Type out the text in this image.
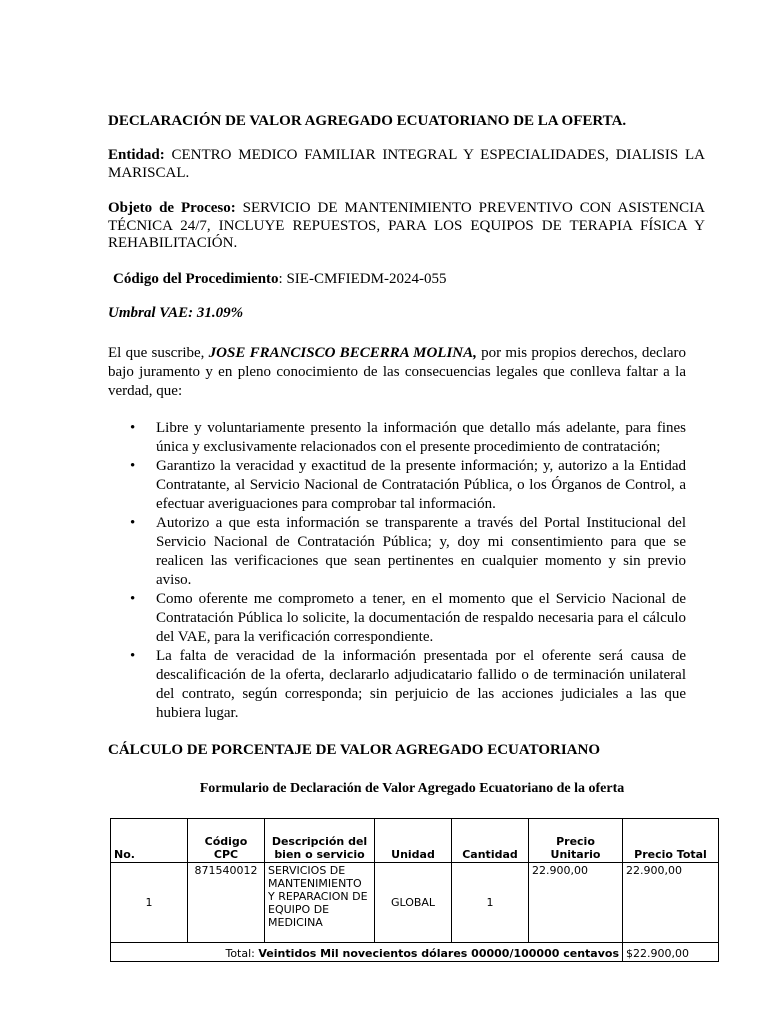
DECLARACIÓN DE VALOR AGREGADO ECUATORIANO DE LA OFERTA.
Entidad: CENTRO MEDICO FAMILIAR INTEGRAL Y ESPECIALIDADES, DIALISIS LA MARISCAL.
Objeto de Proceso: SERVICIO DE MANTENIMIENTO PREVENTIVO CON ASISTENCIA TÉCNICA 24/7, INCLUYE REPUESTOS, PARA LOS EQUIPOS DE TERAPIA FÍSICA Y REHABILITACIÓN.
Código del Procedimiento: SIE-CMFIEDM-2024-055
Umbral VAE: 31.09%
El que suscribe, JOSE FRANCISCO BECERRA MOLINA, por mis propios derechos, declaro bajo juramento y en pleno conocimiento de las consecuencias legales que conlleva faltar a la verdad, que:
• Libre y voluntariamente presento la información que detallo más adelante, para fines única y exclusivamente relacionados con el presente procedimiento de contratación;
• Garantizo la veracidad y exactitud de la presente información; y, autorizo a la Entidad Contratante, al Servicio Nacional de Contratación Pública, o los Órganos de Control, a efectuar averiguaciones para comprobar tal información.
• Autorizo a que esta información se transparente a través del Portal Institucional del Servicio Nacional de Contratación Pública; y, doy mi consentimiento para que se realicen las verificaciones que sean pertinentes en cualquier momento y sin previo aviso.
• Como oferente me comprometo a tener, en el momento que el Servicio Nacional de Contratación Pública lo solicite, la documentación de respaldo necesaria para el cálculo del VAE, para la verificación correspondiente.
• La falta de veracidad de la información presentada por el oferente será causa de descalificación de la oferta, declararlo adjudicatario fallido o de terminación unilateral del contrato, según corresponda; sin perjuicio de las acciones judiciales a las que hubiera lugar.
CÁLCULO DE PORCENTAJE DE VALOR AGREGADO ECUATORIANO
Formulario de Declaración de Valor Agregado Ecuatoriano de la oferta
No.	Código CPC	Descripción del bien o servicio	Unidad	Cantidad	Precio Unitario	Precio Total
1	871540012	SERVICIOS DE MANTENIMIENTO Y REPARACION DE EQUIPO DE MEDICINA	GLOBAL	1	22.900,00	22.900,00
Total: Veintidos Mil novecientos dólares 00000/100000 centavos						$22.900,00
